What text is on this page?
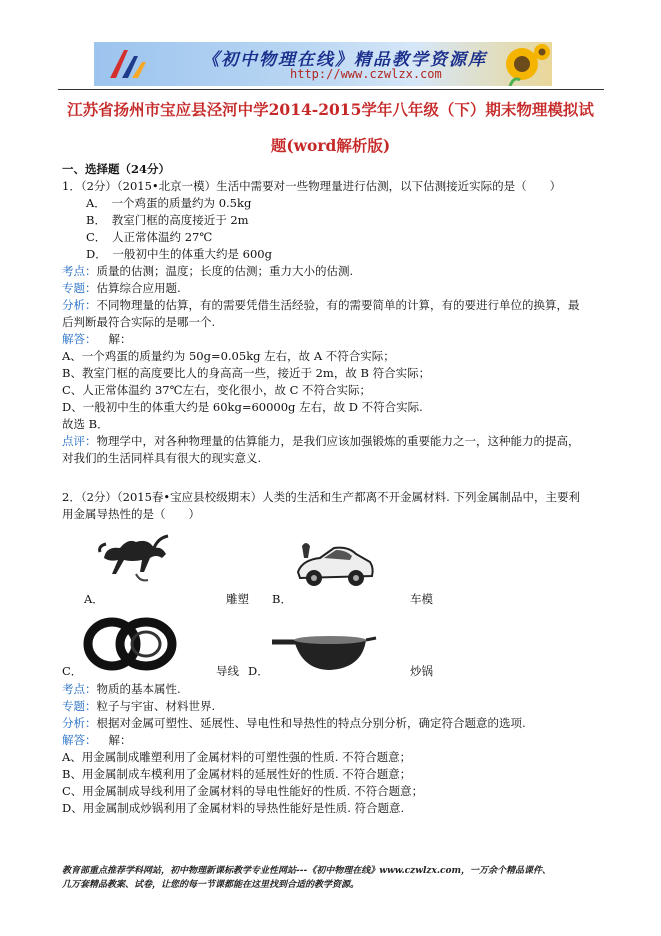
《初中物理在线》精品教学资源库
http://www.czwlzx.com
江苏省扬州市宝应县泾河中学2014-2015学年八年级（下）期末物理模拟试
题(word解析版)
一、选择题（24分）
1．（2分）（2015•北京一模）生活中需要对一些物理量进行估测，以下估测接近实际的是（　　）
A．　一个鸡蛋的质量约为 0.5kg
B．　教室门框的高度接近于 2m
C．　人正常体温约 27℃
D．　一般初中生的体重大约是 600g
考点：质量的估测；温度；长度的估测；重力大小的估测.
专题：估算综合应用题.
分析：不同物理量的估算，有的需要凭借生活经验，有的需要简单的计算，有的要进行单位的换算，最
后判断最符合实际的是哪一个.
解答： 解：
A、一个鸡蛋的质量约为 50g=0.05kg 左右，故 A 不符合实际；
B、教室门框的高度要比人的身高高一些，接近于 2m，故 B 符合实际；
C、人正常体温约 37℃左右，变化很小，故 C 不符合实际；
D、一般初中生的体重大约是 60kg=60000g 左右，故 D 不符合实际.
故选 B．
点评：物理学中，对各种物理量的估算能力，是我们应该加强锻炼的重要能力之一，这种能力的提高，
对我们的生活同样具有很大的现实意义.
2．（2分）（2015春•宝应县校级期末）人类的生活和生产都离不开金属材料. 下列金属制品中，主要利
用金属导热性的是（　　）
A．	雕塑 B．	车模
C．	导线 D．	炒锅
考点：物质的基本属性.
专题：粒子与宇宙、材料世界.
分析：根据对金属可塑性、延展性、导电性和导热性的特点分别分析，确定符合题意的选项.
解答： 解：
A、用金属制成雕塑利用了金属材料的可塑性强的性质. 不符合题意；
B、用金属制成车模利用了金属材料的延展性好的性质. 不符合题意；
C、用金属制成导线利用了金属材料的导电性能好的性质. 不符合题意；
D、用金属制成炒锅利用了金属材料的导热性能好是性质. 符合题意.
教育部重点推荐学科网站，初中物理新课标教学专业性网站---《初中物理在线》www.czwlzx.com，一万余个精品课件、
几万套精品教案、试卷，让您的每一节课都能在这里找到合适的教学资源。
